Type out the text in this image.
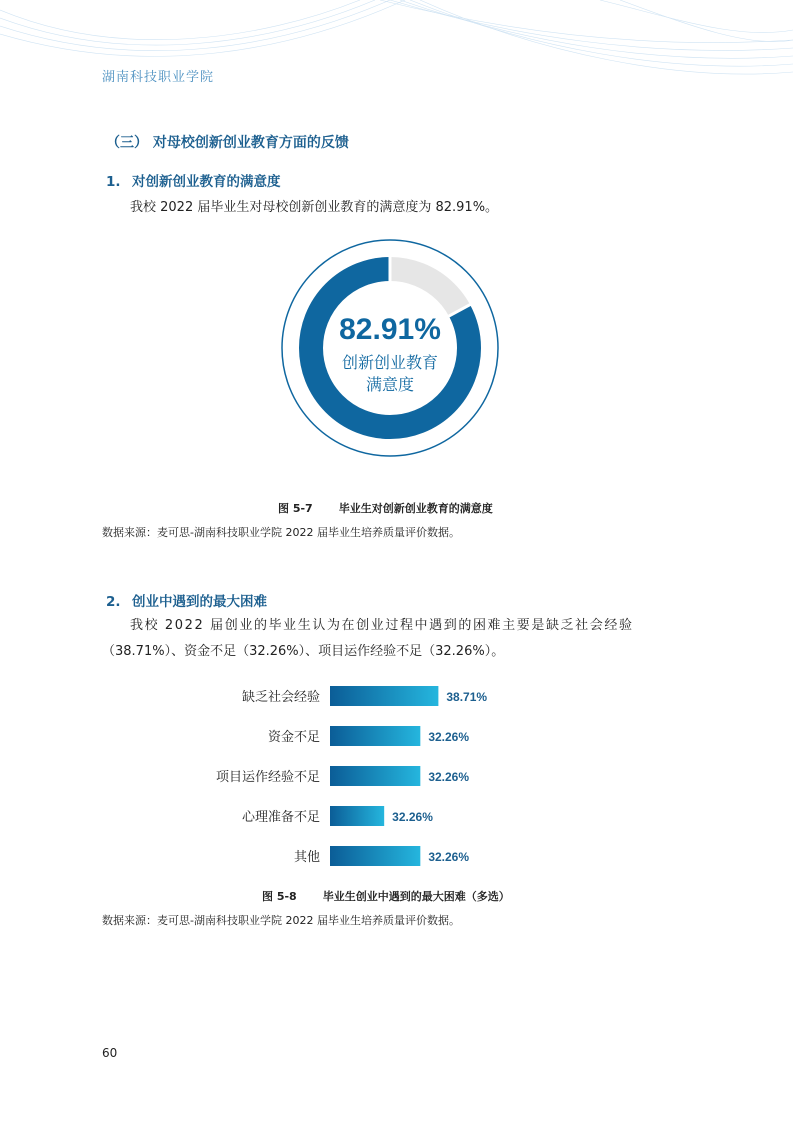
湖南科技职业学院
（三） 对母校创新创业教育方面的反馈
1. 对创新创业教育的满意度
我校 2022 届毕业生对母校创新创业教育的满意度为 82.91%。
82.91%
创新创业教育
满意度
图 5-7 毕业生对创新创业教育的满意度
数据来源：麦可思-湖南科技职业学院 2022 届毕业生培养质量评价数据。
2. 创业中遇到的最大困难
我校 2022 届创业的毕业生认为在创业过程中遇到的困难主要是缺乏社会经验
（38.71%）、资金不足（32.26%）、项目运作经验不足（32.26%）。
缺乏社会经验	38.71%
资金不足	32.26%
项目运作经验不足	32.26%
心理准备不足	32.26%
其他	32.26%
图 5-8 毕业生创业中遇到的最大困难（多选）
数据来源：麦可思-湖南科技职业学院 2022 届毕业生培养质量评价数据。
60
